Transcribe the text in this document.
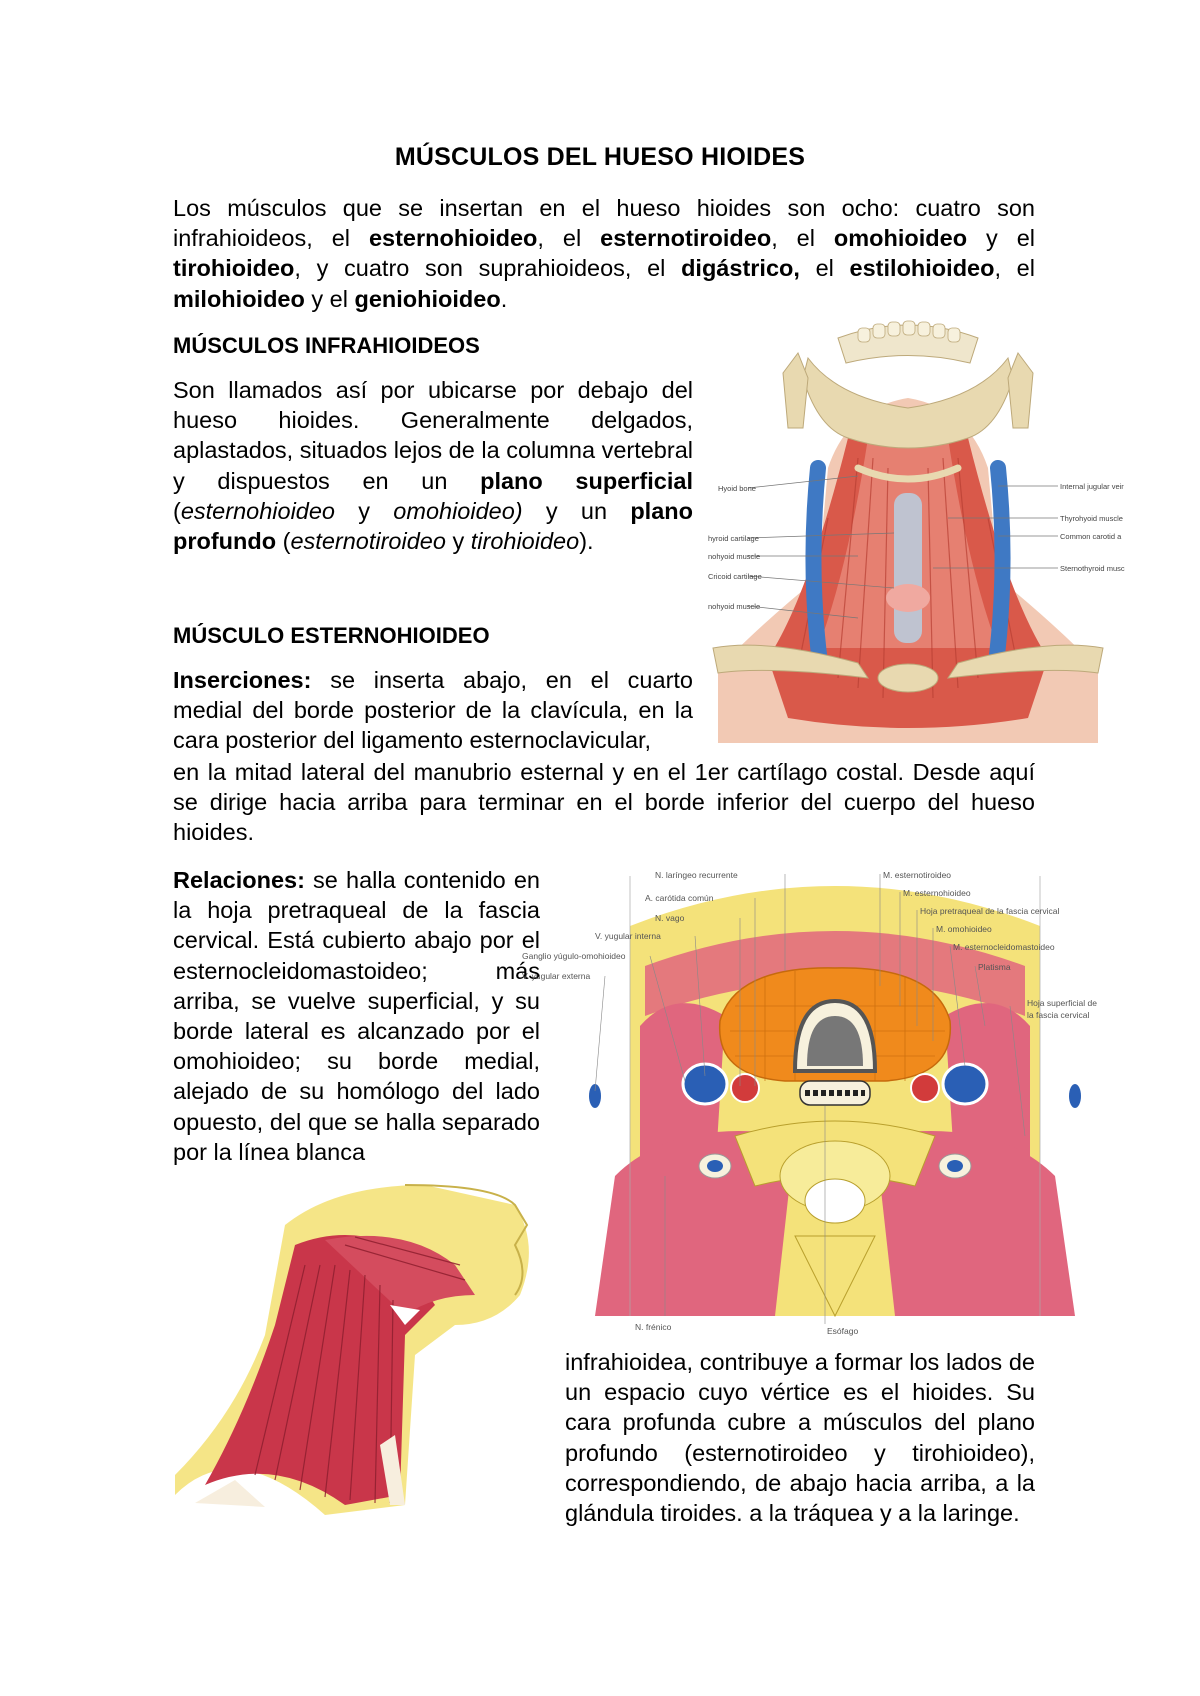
MÚSCULOS DEL HUESO HIOIDES

Los músculos que se insertan en el hueso hioides son ocho: cuatro son infrahioideos, el esternohioideo, el esternotiroideo, el omohioideo y el tirohioideo, y cuatro son suprahioideos, el digástrico, el estilohioideo, el milohioideo y el geniohioideo.

MÚSCULOS INFRAHIOIDEOS

Son llamados así por ubicarse por debajo del hueso hioides. Generalmente delgados, aplastados, situados lejos de la columna vertebral y dispuestos en un plano superficial (esternohioideo y omohioideo) y un plano profundo (esternotiroideo y tirohioideo).

Hyoid bone
hyroid cartilage
nohyoid muscle
Cricoid cartilage
nohyoid muscle
Internal jugular veir
Thyrohyoid muscle
Common carotid a
Sternothyroid musc
MÚSCULO ESTERNOHIOIDEO

Inserciones: se inserta abajo, en el cuarto medial del borde posterior de la clavícula, en la cara posterior del ligamento esternoclavicular,

en la mitad lateral del manubrio esternal y en el 1er cartílago costal. Desde aquí se dirige hacia arriba para terminar en el borde inferior del cuerpo del hueso hioides.

Relaciones: se halla contenido en la hoja pretraqueal de la fascia cervical. Está cubierto abajo por el esternocleidomastoideo; más arriba, se vuelve superficial, y su borde lateral es alcanzado por el omohioideo; su borde medial, alejado de su homólogo del lado opuesto, del que se halla separado por la línea blanca

N. laríngeo recurrente
A. carótida común
N. vago
V. yugular interna
Ganglio yúgulo-omohioideo
V. yugular externa
M. esternotiroideo
M. esternohioideo
Hoja pretraqueal de la fascia cervical
M. omohioideo
M. esternocleidomastoideo
Platisma
Hoja superficial de
la fascia cervical
N. frénico	Esófago

infrahioidea, contribuye a formar los lados de un espacio cuyo vértice es el hioides. Su cara profunda cubre a músculos del plano profundo (esternotiroideo y tirohioideo), correspondiendo, de abajo hacia arriba, a la glándula tiroides. a la tráquea y a la laringe.
